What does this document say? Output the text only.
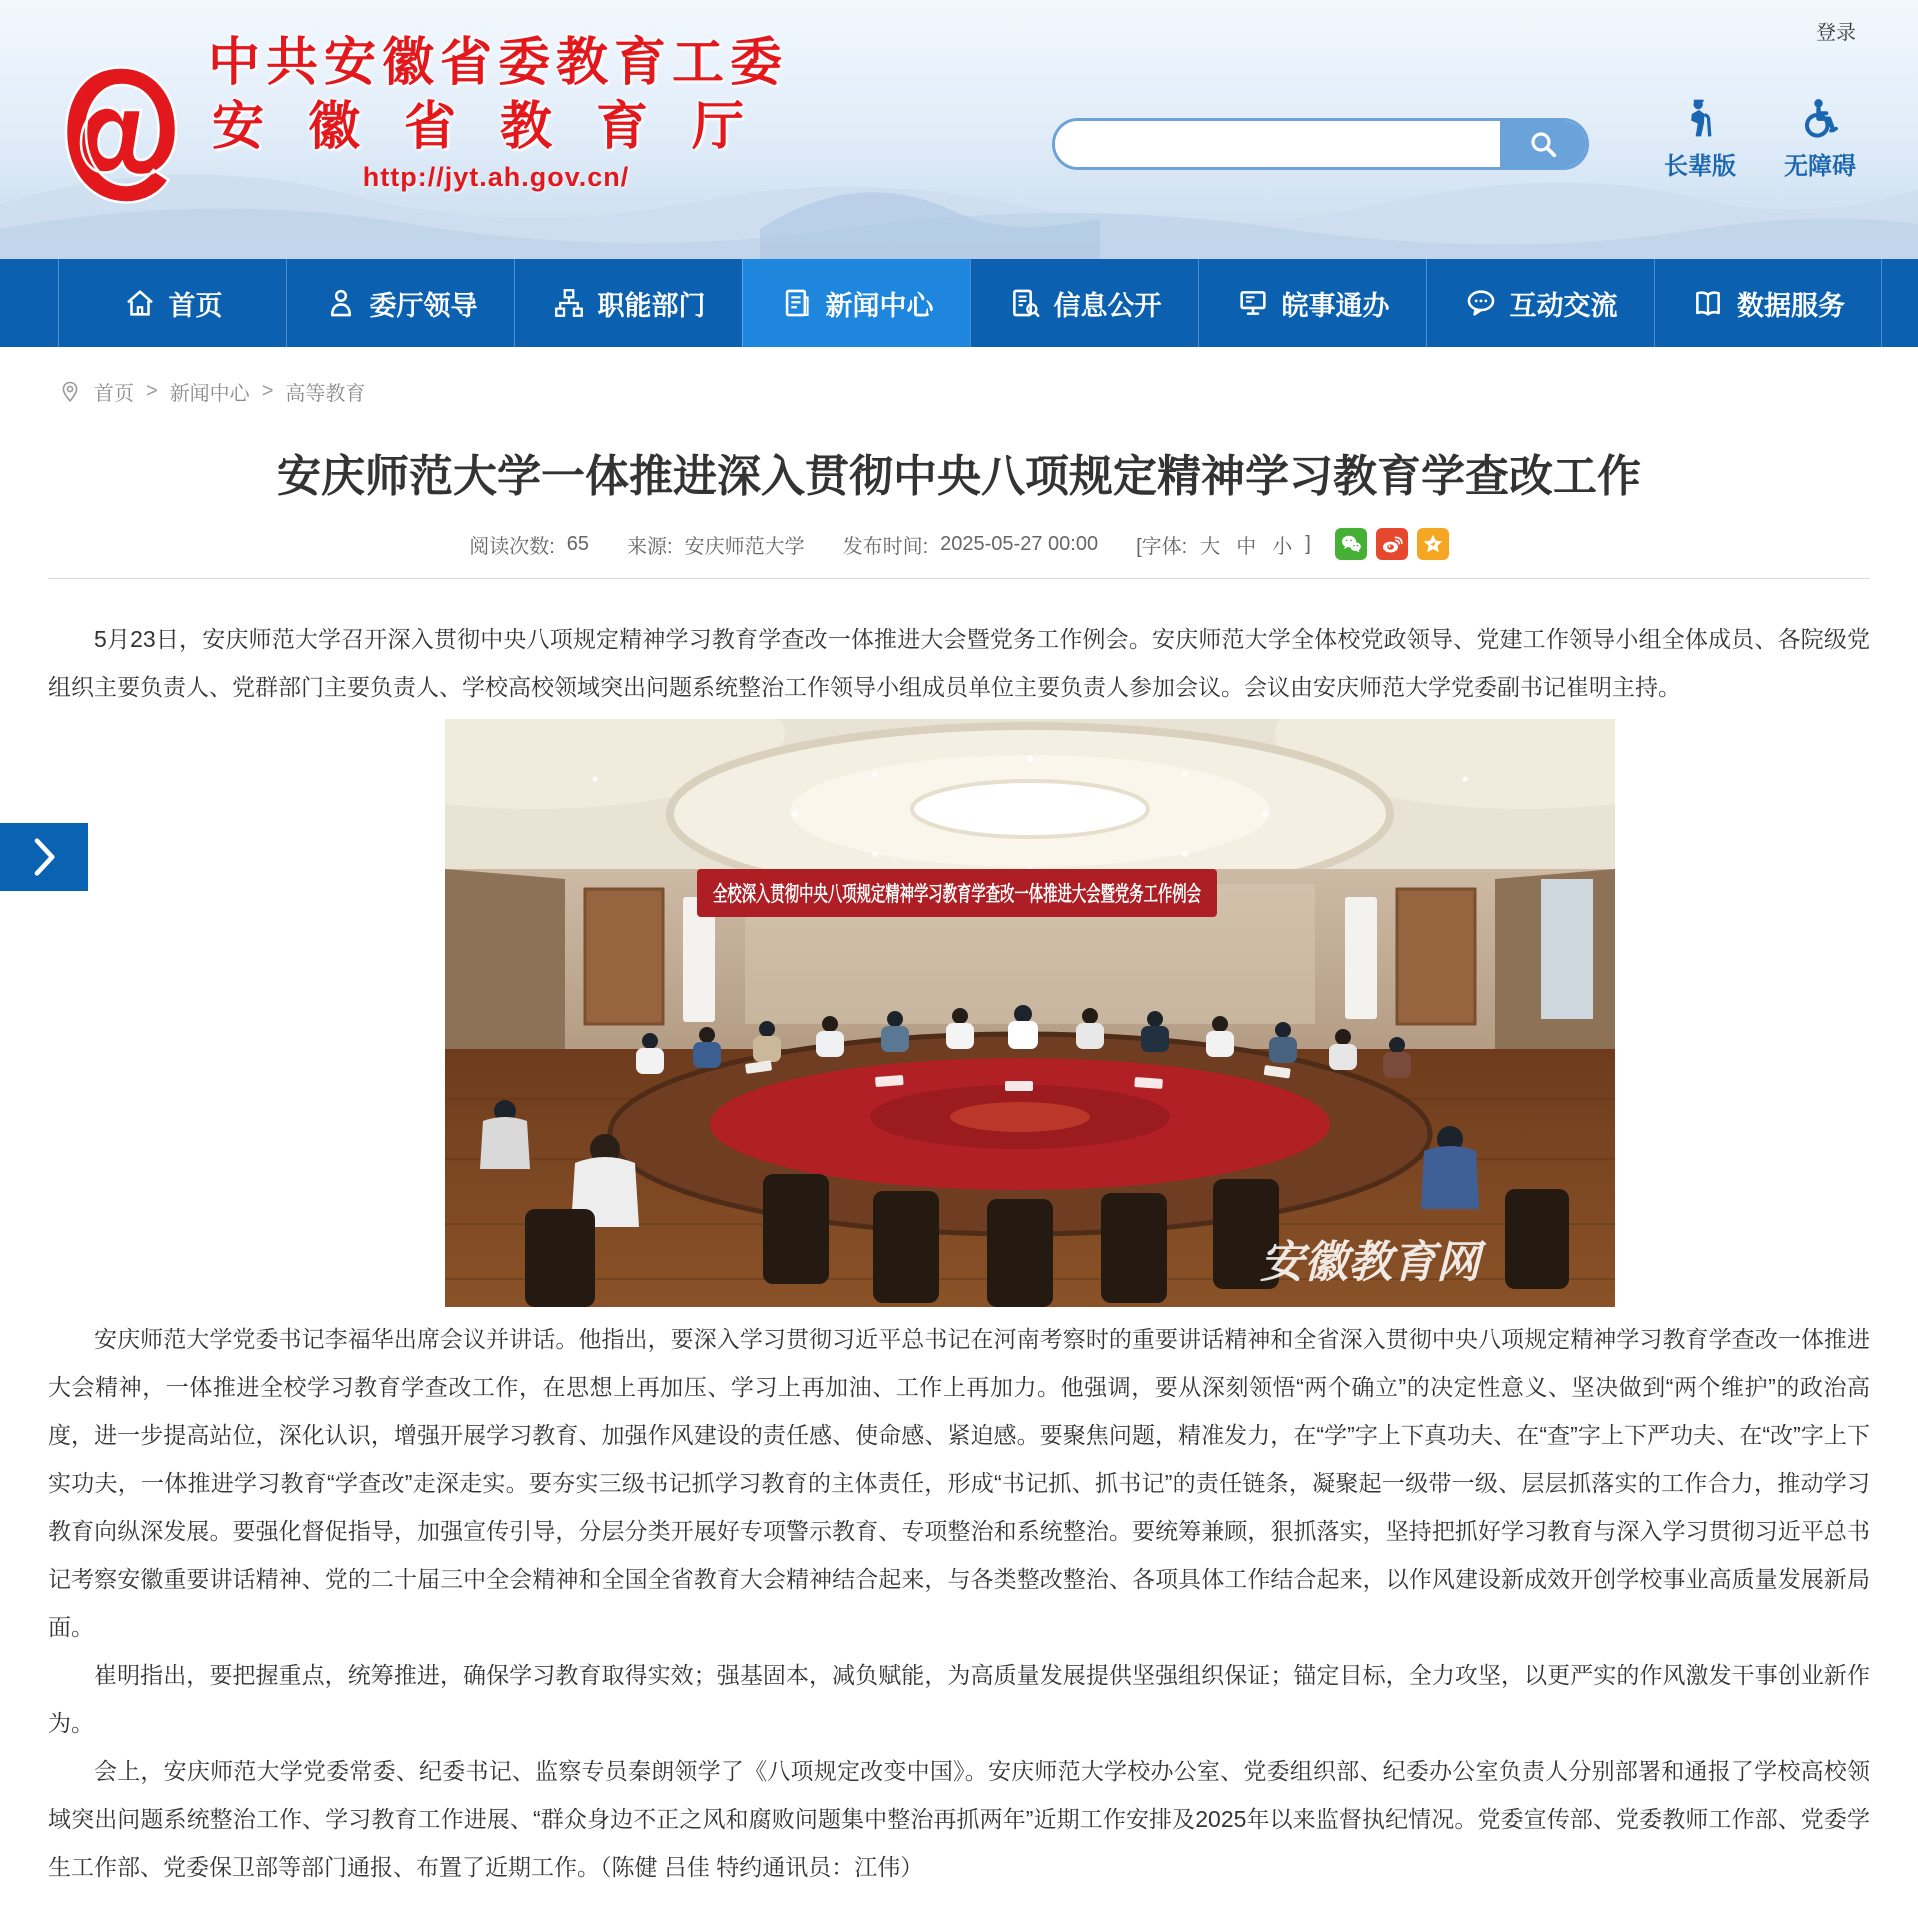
登录
中共安徽省委教育工委
安徽省教育厅
http://jyt.ah.gov.cn/	长辈版 无障碍
首页	委厅领导	职能部门	新闻中心	信息公开	皖事通办	互动交流	数据服务
首页 > 新闻中心 > 高等教育
安庆师范大学一体推进深入贯彻中央八项规定精神学习教育学查改工作
阅读次数: 65 来源: 安庆师范大学 发布时间: 2025-05-27 00:00 [字体: 大 中 小 ]

5月23日，安庆师范大学召开深入贯彻中央八项规定精神学习教育学查改一体推进大会暨党务工作例会。安庆师范大学全体校党政领导、党建工作领导小组全体成员、各院级党组织主要负责人、党群部门主要负责人、学校高校领域突出问题系统整治工作领导小组成员单位主要负责人参加会议。会议由安庆师范大学党委副书记崔明主持。

全校深入贯彻中央八项规定精神学习教育学查改一体推进大会暨党务工作例会
安徽教育网

安庆师范大学党委书记李福华出席会议并讲话。他指出，要深入学习贯彻习近平总书记在河南考察时的重要讲话精神和全省深入贯彻中央八项规定精神学习教育学查改一体推进大会精神，一体推进全校学习教育学查改工作，在思想上再加压、学习上再加油、工作上再加力。他强调，要从深刻领悟“两个确立”的决定性意义、坚决做到“两个维护”的政治高度，进一步提高站位，深化认识，增强开展学习教育、加强作风建设的责任感、使命感、紧迫感。要聚焦问题，精准发力，在“学”字上下真功夫、在“查”字上下严功夫、在“改”字上下实功夫，一体推进学习教育“学查改”走深走实。要夯实三级书记抓学习教育的主体责任，形成“书记抓、抓书记”的责任链条，凝聚起一级带一级、层层抓落实的工作合力，推动学习教育向纵深发展。要强化督促指导，加强宣传引导，分层分类开展好专项警示教育、专项整治和系统整治。要统筹兼顾，狠抓落实，坚持把抓好学习教育与深入学习贯彻习近平总书记考察安徽重要讲话精神、党的二十届三中全会精神和全国全省教育大会精神结合起来，与各类整改整治、各项具体工作结合起来，以作风建设新成效开创学校事业高质量发展新局面。

崔明指出，要把握重点，统筹推进，确保学习教育取得实效；强基固本，减负赋能，为高质量发展提供坚强组织保证；锚定目标，全力攻坚，以更严实的作风激发干事创业新作为。

会上，安庆师范大学党委常委、纪委书记、监察专员秦朗领学了《八项规定改变中国》。安庆师范大学校办公室、党委组织部、纪委办公室负责人分别部署和通报了学校高校领域突出问题系统整治工作、学习教育工作进展、“群众身边不正之风和腐败问题集中整治再抓两年”近期工作安排及2025年以来监督执纪情况。党委宣传部、党委教师工作部、党委学生工作部、党委保卫部等部门通报、布置了近期工作。（陈健 吕佳 特约通讯员：江伟）
